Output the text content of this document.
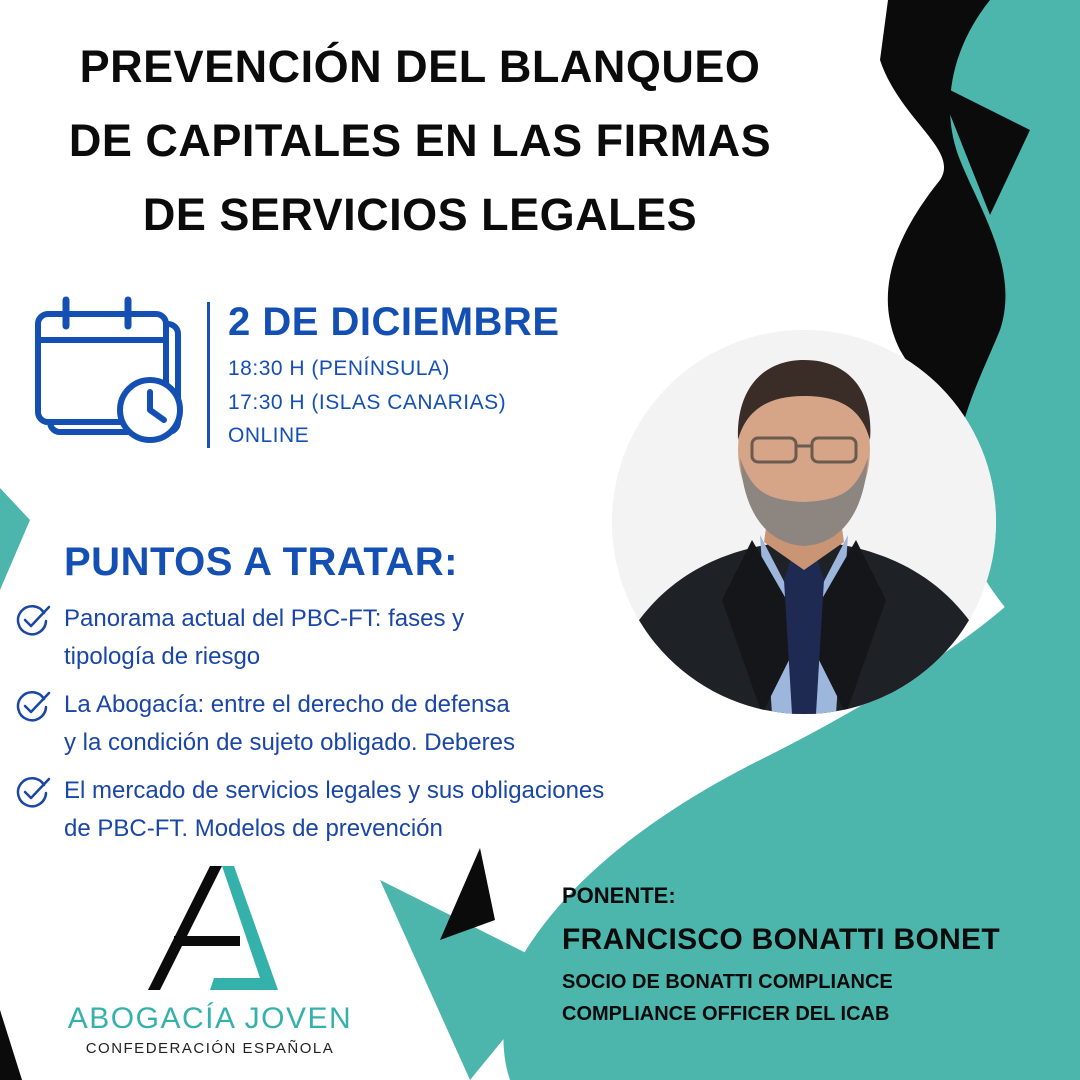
PREVENCIÓN DEL BLANQUEO
DE CAPITALES EN LAS FIRMAS
DE SERVICIOS LEGALES
2 DE DICIEMBRE
18:30 H (PENÍNSULA)
17:30 H (ISLAS CANARIAS)
ONLINE
PUNTOS A TRATAR:
Panorama actual del PBC-FT: fases y
tipología de riesgo
La Abogacía: entre el derecho de defensa
y la condición de sujeto obligado. Deberes
El mercado de servicios legales y sus obligaciones
de PBC-FT. Modelos de prevención
ABOGACÍA JOVEN
CONFEDERACIÓN ESPAÑOLA
PONENTE:
FRANCISCO BONATTI BONET
SOCIO DE BONATTI COMPLIANCE
COMPLIANCE OFFICER DEL ICAB
